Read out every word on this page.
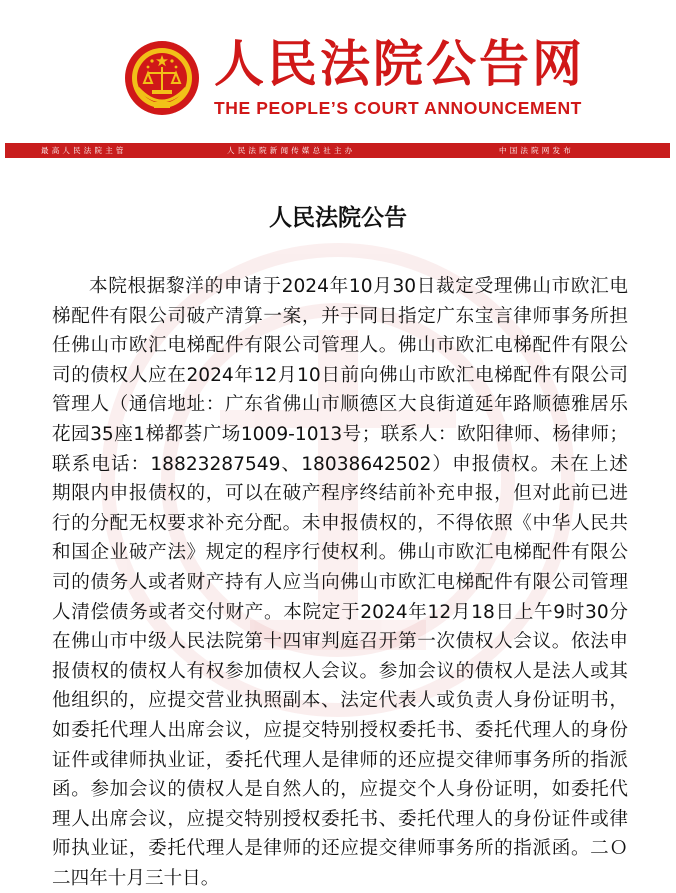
人民法院公告网
THE PEOPLE’S COURT ANNOUNCEMENT
最高人民法院主管	人民法院新闻传媒总社主办	中国法院网发布
人民法院公告

本院根据黎洋的申请于2024年10月30日裁定受理佛山市欧汇电梯配件有限公司破产清算一案，并于同日指定广东宝言律师事务所担任佛山市欧汇电梯配件有限公司管理人。佛山市欧汇电梯配件有限公司的债权人应在2024年12月10日前向佛山市欧汇电梯配件有限公司管理人（通信地址：广东省佛山市顺德区大良街道延年路顺德雅居乐花园35座1梯都荟广场1009-1013号；联系人：欧阳律师、杨律师；联系电话：18823287549、18038642502）申报债权。未在上述期限内申报债权的，可以在破产程序终结前补充申报，但对此前已进行的分配无权要求补充分配。未申报债权的，不得依照《中华人民共和国企业破产法》规定的程序行使权利。佛山市欧汇电梯配件有限公司的债务人或者财产持有人应当向佛山市欧汇电梯配件有限公司管理人清偿债务或者交付财产。本院定于2024年12月18日上午9时30分在佛山市中级人民法院第十四审判庭召开第一次债权人会议。依法申报债权的债权人有权参加债权人会议。参加会议的债权人是法人或其他组织的，应提交营业执照副本、法定代表人或负责人身份证明书，如委托代理人出席会议，应提交特别授权委托书、委托代理人的身份证件或律师执业证，委托代理人是律师的还应提交律师事务所的指派函。参加会议的债权人是自然人的，应提交个人身份证明，如委托代理人出席会议，应提交特别授权委托书、委托代理人的身份证件或律师执业证，委托代理人是律师的还应提交律师事务所的指派函。二Ｏ二四年十月三十日。
